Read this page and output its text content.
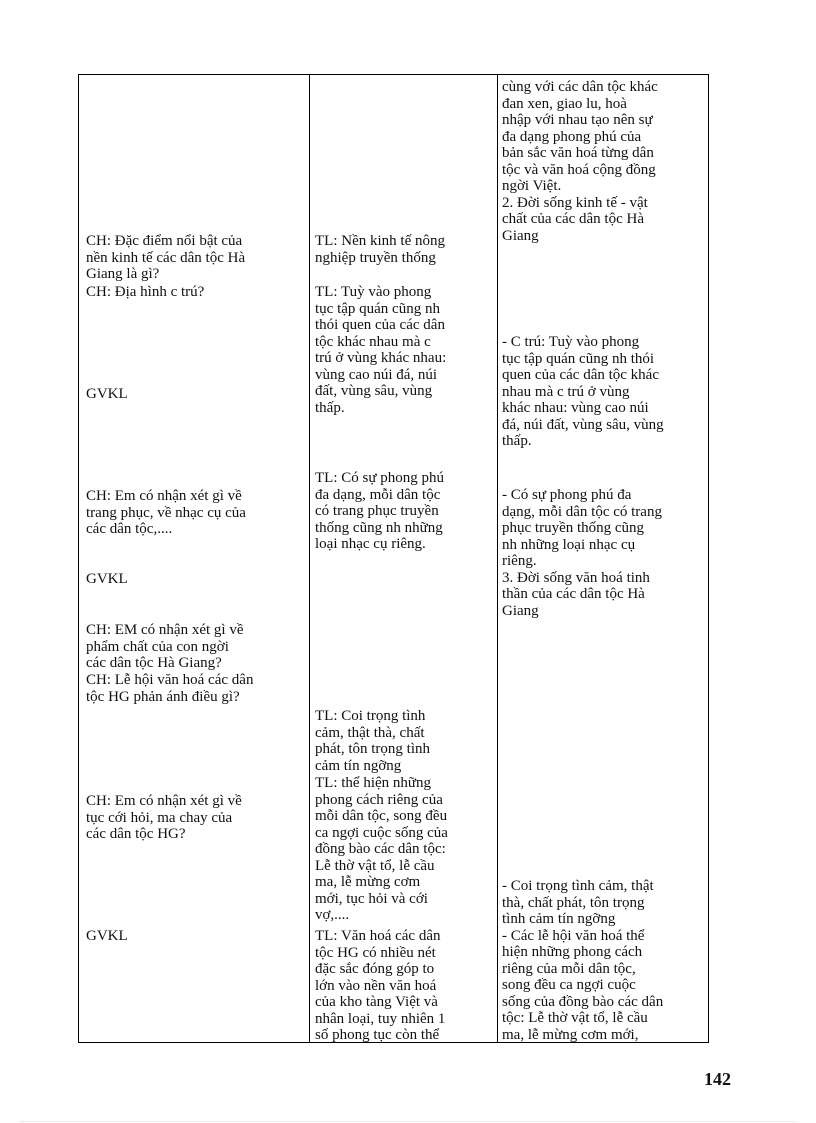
CH: Đặc điểm nổi bật của
nền kinh tế các dân tộc Hà
Giang là gì?
CH: Địa hình c trú?
GVKL
CH: Em có nhận xét gì về
trang phục, về nhạc cụ của
các dân tộc,....
GVKL
CH: EM có nhận xét gì về
phẩm chất của con ngời
các dân tộc Hà Giang?
CH: Lễ hội văn hoá các dân
tộc HG phản ánh điều gì?
CH: Em có nhận xét gì về
tục cới hỏi, ma chay của
các dân tộc HG?
GVKL
TL: Nền kinh tế nông
nghiệp truyền thống
TL: Tuỳ vào phong
tục tập quán cũng nh
thói quen của các dân
tộc khác nhau mà c
trú ở vùng khác nhau:
vùng cao núi đá, núi
đất, vùng sâu, vùng
thấp.
TL: Có sự phong phú
đa dạng, mỗi dân tộc
có trang phục truyền
thống cũng nh những
loại nhạc cụ riêng.
TL: Coi trọng tình
cảm, thật thà, chất
phát, tôn trọng tình
cảm tín ngỡng
TL: thể hiện những
phong cách riêng của
mỗi dân tộc, song đều
ca ngợi cuộc sống của
đồng bào các dân tộc:
Lễ thờ vật tổ, lễ cầu
ma, lễ mừng cơm
mới, tục hỏi và cới
vợ,....
TL: Văn hoá các dân
tộc HG có nhiều nét
đặc sắc đóng góp to
lớn vào nền văn hoá
của kho tàng Việt và
nhân loại, tuy nhiên 1
số phong tục còn thể
cùng với các dân tộc khác
đan xen, giao lu, hoà
nhập với nhau tạo nên sự
đa dạng phong phú của
bản sắc văn hoá từng dân
tộc và văn hoá cộng đồng
ngời Việt.
2. Đời sống kinh tế - vật
chất của các dân tộc Hà
Giang
- C trú: Tuỳ vào phong
tục tập quán cũng nh thói
quen của các dân tộc khác
nhau mà c trú ở vùng
khác nhau: vùng cao núi
đá, núi đất, vùng sâu, vùng
thấp.
- Có sự phong phú đa
dạng, mỗi dân tộc có trang
phục truyền thống cũng
nh những loại nhạc cụ
riêng.
3. Đời sống văn hoá tinh
thần của các dân tộc Hà
Giang
- Coi trọng tình cảm, thật
thà, chất phát, tôn trọng
tình cảm tín ngỡng
- Các lễ hội văn hoá thể
hiện những phong cách
riêng của mỗi dân tộc,
song đều ca ngợi cuộc
sống của đồng bào các dân
tộc: Lễ thờ vật tổ, lễ cầu
ma, lễ mừng cơm mới,
142
